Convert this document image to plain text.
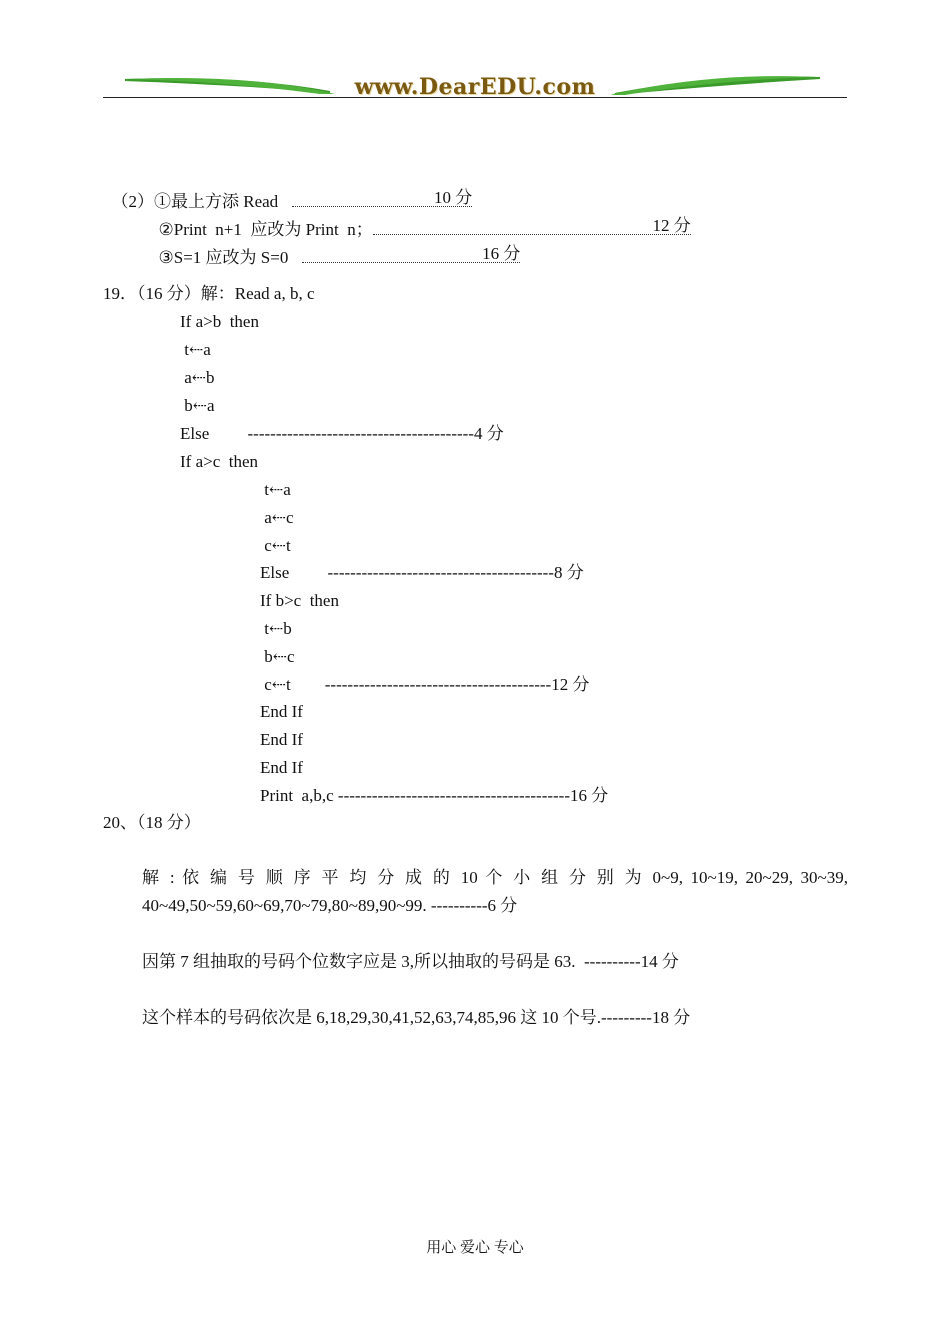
www.DearEDU.com

（2）①最上方添 Read	10 分

②Print  n+1  应改为 Print  n；	12 分

③S=1 应改为 S=0	16 分

19．（16 分）解：Read a, b, c
If a>b  then
t⇠a
a⇠b
b⇠a
Else         ----------------------------------------4 分
If a>c  then
t⇠a
a⇠c
c⇠t
Else         ----------------------------------------8 分
If b>c  then
t⇠b
b⇠c
c⇠t        ----------------------------------------12 分
End If
End If
End If
Print  a,b,c -----------------------------------------16 分
20、（18 分）
解 : 依 编 号 顺 序 平 均 分 成 的 10 个 小 组 分 别 为 0~9, 10~19, 20~29, 30~39, 40~49,50~59,60~69,70~79,80~89,90~99. ----------6 分
因第 7 组抽取的号码个位数字应是 3,所以抽取的号码是 63.  ----------14 分
这个样本的号码依次是 6,18,29,30,41,52,63,74,85,96 这 10 个号.---------18 分
用心 爱心 专心
